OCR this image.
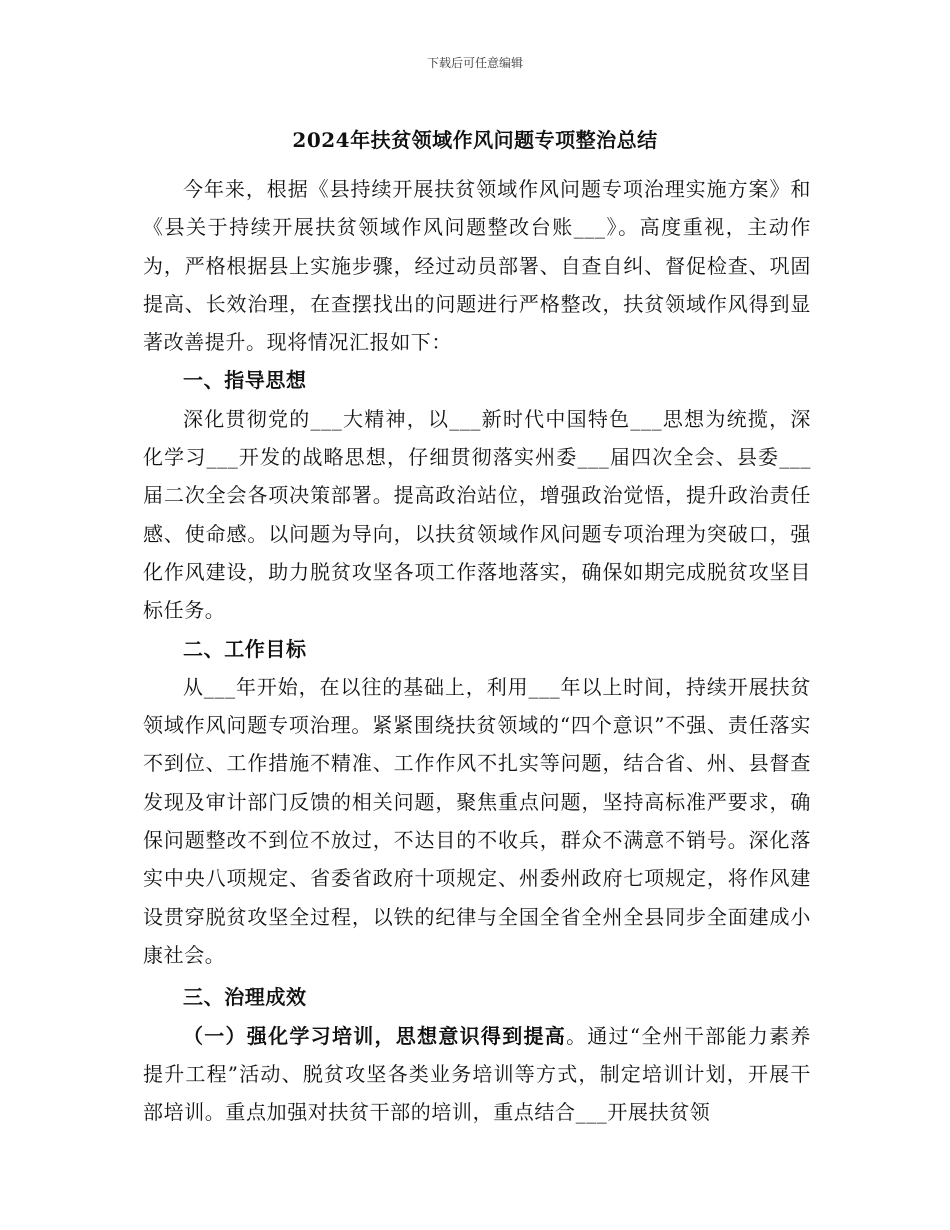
下载后可任意编辑
2024年扶贫领域作风问题专项整治总结

今年来，根据《县持续开展扶贫领域作风问题专项治理实施方案》和《县关于持续开展扶贫领域作风问题整改台账___》。高度重视，主动作为，严格根据县上实施步骤，经过动员部署、自查自纠、督促检查、巩固提高、长效治理，在查摆找出的问题进行严格整改，扶贫领域作风得到显著改善提升。现将情况汇报如下：

一、指导思想

深化贯彻党的___大精神，以___新时代中国特色___思想为统揽，深化学习___开发的战略思想，仔细贯彻落实州委___届四次全会、县委___届二次全会各项决策部署。提高政治站位，增强政治觉悟，提升政治责任感、使命感。以问题为导向，以扶贫领域作风问题专项治理为突破口，强化作风建设，助力脱贫攻坚各项工作落地落实，确保如期完成脱贫攻坚目标任务。

二、工作目标

从___年开始，在以往的基础上，利用___年以上时间，持续开展扶贫领域作风问题专项治理。紧紧围绕扶贫领域的“四个意识”不强、责任落实不到位、工作措施不精准、工作作风不扎实等问题，结合省、州、县督查发现及审计部门反馈的相关问题，聚焦重点问题，坚持高标准严要求，确保问题整改不到位不放过，不达目的不收兵，群众不满意不销号。深化落实中央八项规定、省委省政府十项规定、州委州政府七项规定，将作风建设贯穿脱贫攻坚全过程，以铁的纪律与全国全省全州全县同步全面建成小康社会。

三、治理成效

（一）强化学习培训，思想意识得到提高。通过“全州干部能力素养提升工程”活动、脱贫攻坚各类业务培训等方式，制定培训计划，开展干部培训。重点加强对扶贫干部的培训，重点结合___开展扶贫领
